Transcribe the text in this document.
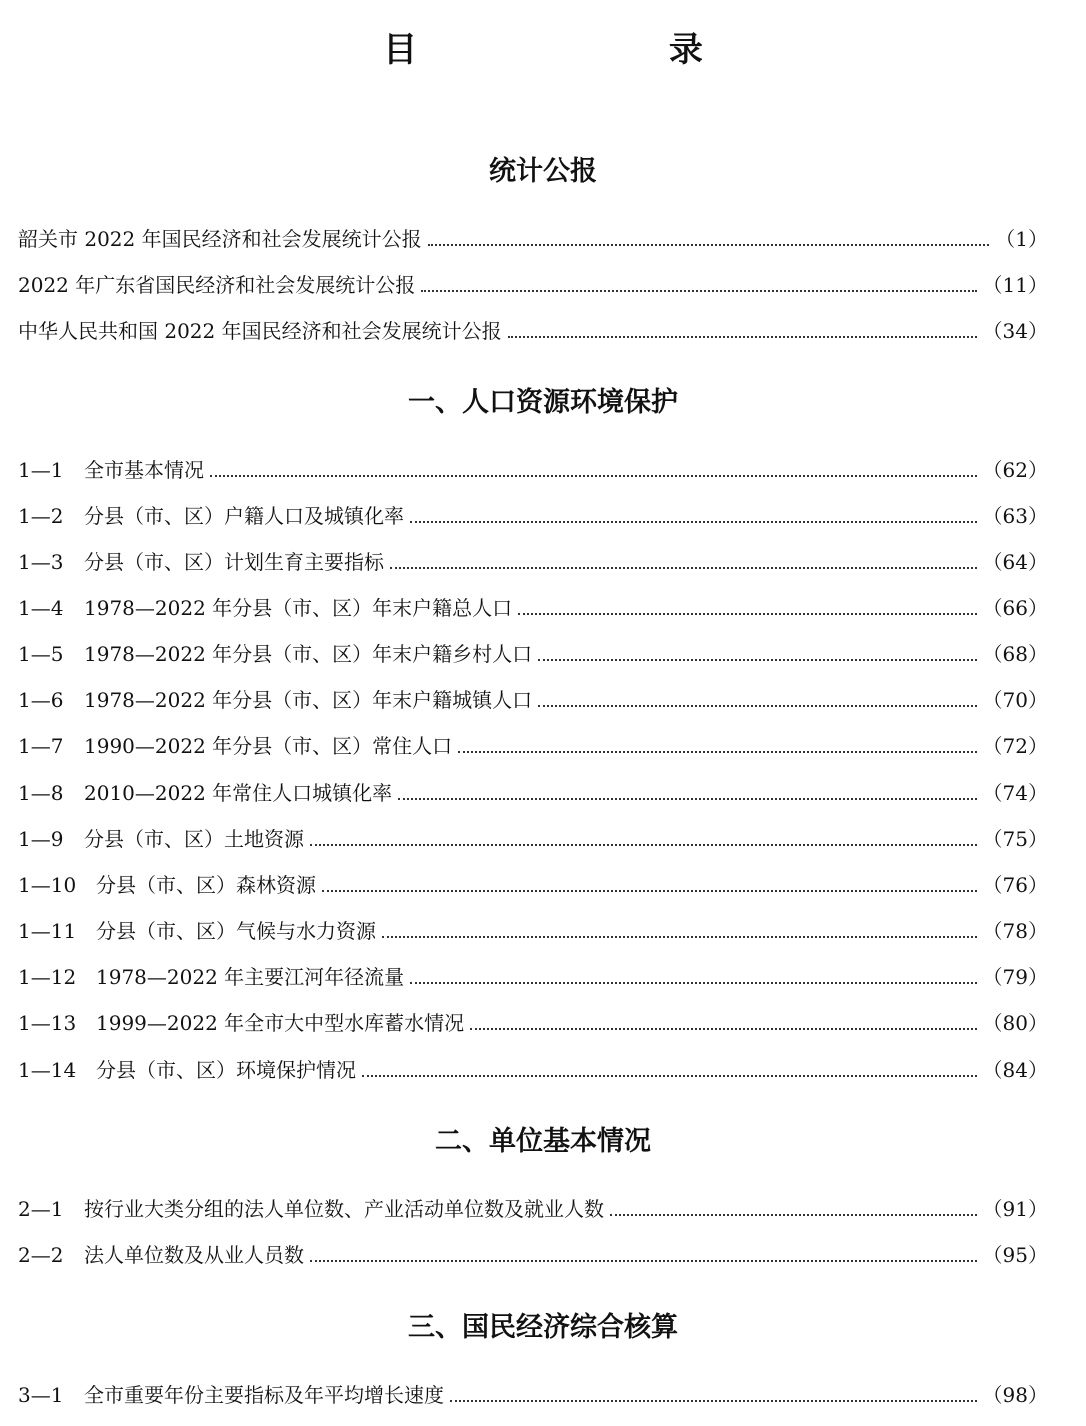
目 录
统计公报
韶关市 2022 年国民经济和社会发展统计公报	（1）
2022 年广东省国民经济和社会发展统计公报	（11）
中华人民共和国 2022 年国民经济和社会发展统计公报	（34）
一、人口资源环境保护
1—1	全市基本情况	（62）
1—2	分县（市、区）户籍人口及城镇化率	（63）
1—3	分县（市、区）计划生育主要指标	（64）
1—4	1978—2022 年分县（市、区）年末户籍总人口	（66）
1—5	1978—2022 年分县（市、区）年末户籍乡村人口	（68）
1—6	1978—2022 年分县（市、区）年末户籍城镇人口	（70）
1—7	1990—2022 年分县（市、区）常住人口	（72）
1—8	2010—2022 年常住人口城镇化率	（74）
1—9	分县（市、区）土地资源	（75）
1—10 分县（市、区）森林资源	（76）
1—11 分县（市、区）气候与水力资源	（78）
1—12 1978—2022 年主要江河年径流量	（79）
1—13 1999—2022 年全市大中型水库蓄水情况	（80）
1—14 分县（市、区）环境保护情况	（84）
二、单位基本情况
2—1	按行业大类分组的法人单位数、产业活动单位数及就业人数	（91）
2—2	法人单位数及从业人员数	（95）
三、国民经济综合核算
3—1	全市重要年份主要指标及年平均增长速度	（98）
